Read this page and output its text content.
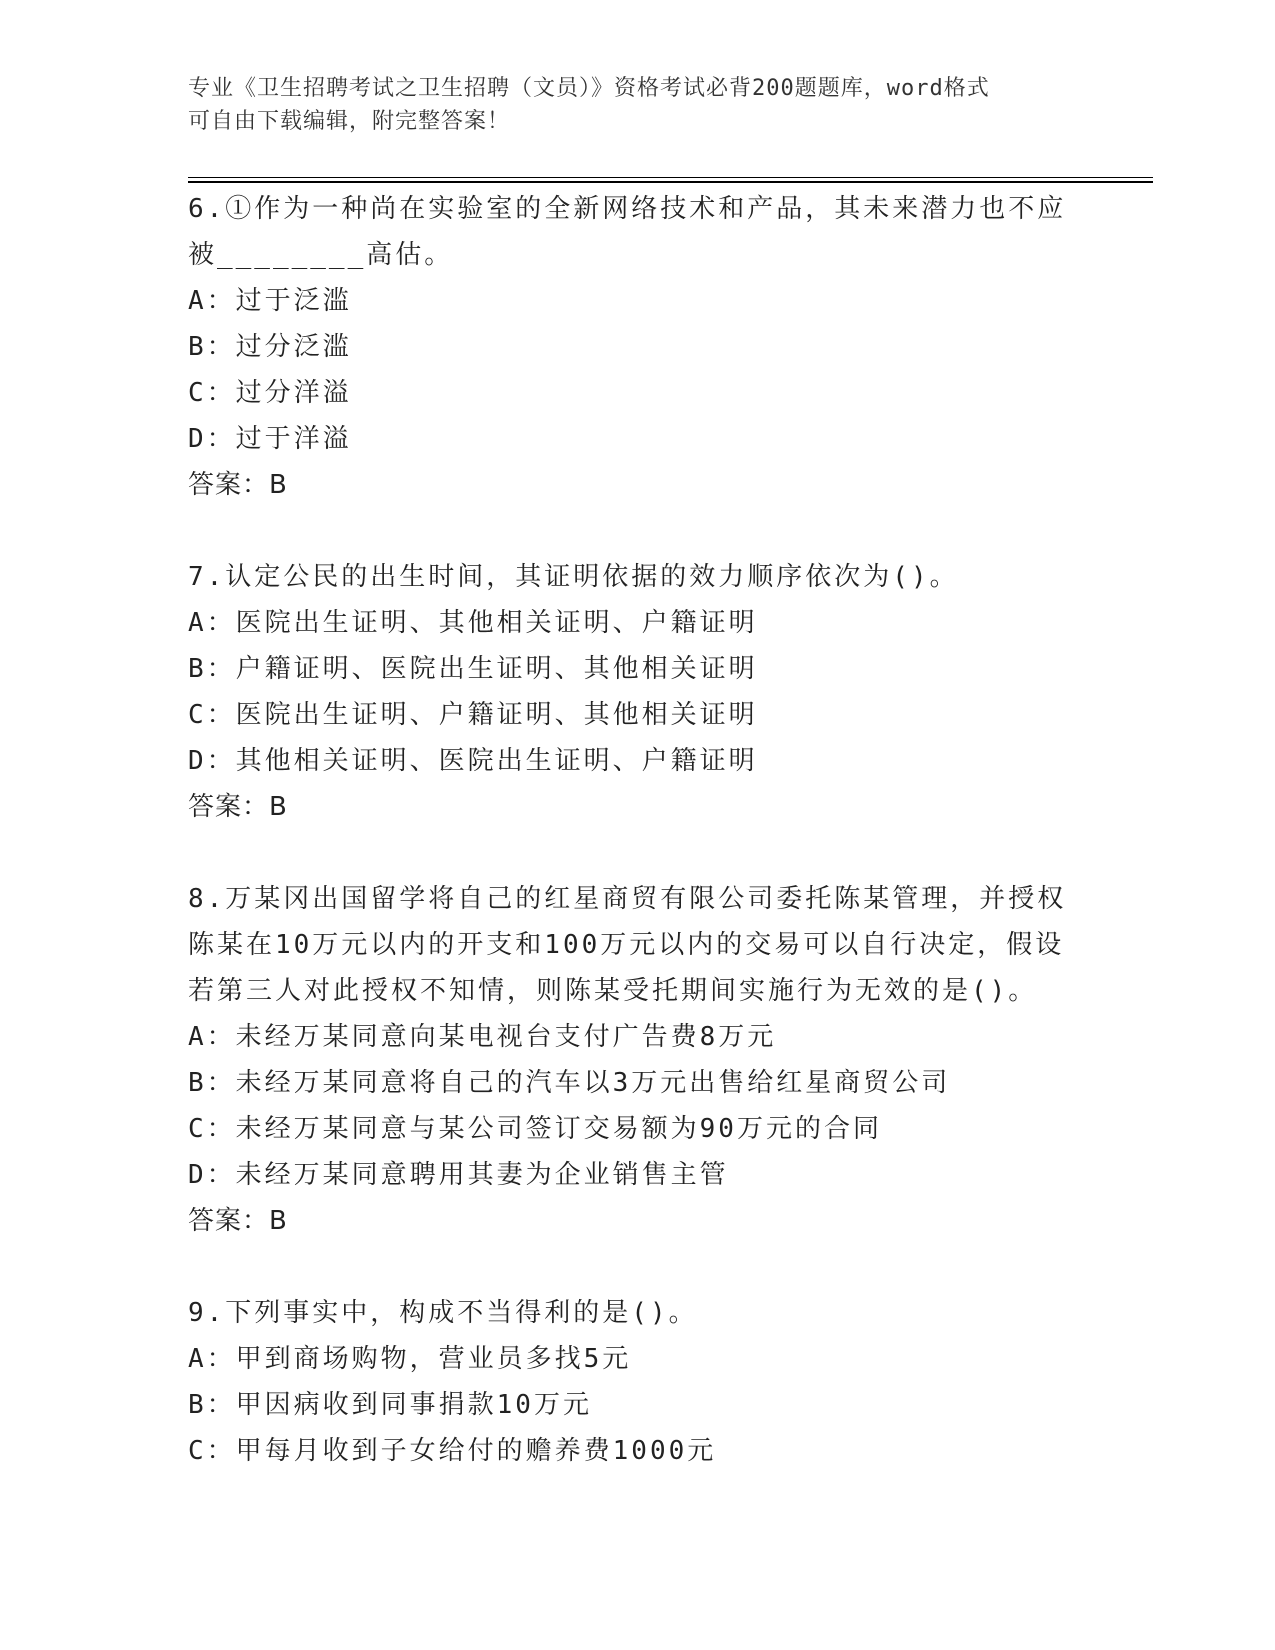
专业《卫生招聘考试之卫生招聘（文员）》资格考试必背200题题库，word格式
可自由下载编辑，附完整答案！
6.①作为一种尚在实验室的全新网络技术和产品，其未来潜力也不应
被________高估。
A：过于泛滥
B：过分泛滥
C：过分洋溢
D：过于洋溢
答案：B
7.认定公民的出生时间，其证明依据的效力顺序依次为()。
A：医院出生证明、其他相关证明、户籍证明
B：户籍证明、医院出生证明、其他相关证明
C：医院出生证明、户籍证明、其他相关证明
D：其他相关证明、医院出生证明、户籍证明
答案：B
8.万某冈出国留学将自己的红星商贸有限公司委托陈某管理，并授权
陈某在10万元以内的开支和100万元以内的交易可以自行决定，假设
若第三人对此授权不知情，则陈某受托期间实施行为无效的是()。
A：未经万某同意向某电视台支付广告费8万元
B：未经万某同意将自己的汽车以3万元出售给红星商贸公司
C：未经万某同意与某公司签订交易额为90万元的合同
D：未经万某同意聘用其妻为企业销售主管
答案：B
9.下列事实中，构成不当得利的是()。
A：甲到商场购物，营业员多找5元
B：甲因病收到同事捐款10万元
C：甲每月收到子女给付的赡养费1000元
